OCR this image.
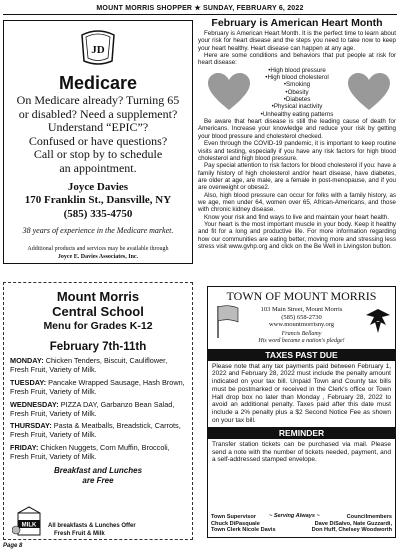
MOUNT MORRIS SHOPPER ★ SUNDAY, FEBRUARY 6, 2022
JD
Medicare
On Medicare already? Turning 65
or disabled? Need a supplement?
Understand “EPIC”?
Confused or have questions?
Call or stop by to schedule
an appointment.
Joyce Davies
170 Franklin St., Dansville, NY
(585) 335-4750
38 years of experience in the Medicare market.
Additional products and services may be available through
Joyce E. Davies Associates, Inc.
February is American Heart Month

February is American Heart Month. It is the perfect time to learn about your risk for heart disease and the steps you need to take now to keep your heart healthy. Heart disease can happen at any age.

Here are some conditions and behaviors that put people at risk for heart disease:

• High blood pressure
• High blood cholesterol
• Smoking
• Obesity
• Diabetes
• Physical inactivity
• Unhealthy eating patterns

Be aware that heart disease is still the leading cause of death for Americans. Increase your knowledge and reduce your risk by getting your blood pressure and cholesterol checked.

Even through the COVID-19 pandemic, it is important to keep routine visits and testing, especially if you have any risk factors for high blood cholesterol and high blood pressure.

Pay special attention to risk factors for blood cholesterol if you: have a family history of high cholesterol and/or heart disease, have diabetes, are older at age, are male, are a female in post-menopause, and if you are overweight or obese2.

Also, high blood pressure can occur for folks with a family history, as we age, men under 64, women over 65, African-Americans, and those with chronic kidney disease.

Know your risk and find ways to live and maintain your heart health.

Your heart is the most important muscle in your body. Keep it healthy and fit for a long and productive life. For more information regarding how our communities are eating better, moving more and stressing less stress visit www.gvhp.org and click on the Be Well in Livingston button.

Mount Morris
Central School
Menu for Grades K-12
February 7th-11th
MONDAY: Chicken Tenders, Biscuit, Cauliflower, Fresh Fruit, Variety of Milk.
TUESDAY: Pancake Wrapped Sausage, Hash Brown, Fresh Fruit, Variety of Milk.
WEDNESDAY: PIZZA DAY, Garbanzo Bean Salad, Fresh Fruit, Variety of Milk.
THURSDAY: Pasta & Meatballs, Breadstick, Carrots, Fresh Fruit, Variety of Milk.
FRIDAY: Chicken Nuggets, Corn Muffin, Broccoli, Fresh Fruit, Variety of Milk.
Breakfast and Lunches
are Free
MILK All breakfasts & Lunches Offer
Fresh Fruit & Milk
TOWN OF MOUNT MORRIS
103 Main Street, Mount Morris
(585) 658-2730
www.mountmorrisny.org
Francis Bellamy
His word became a nation's pledge!
TAXES PAST DUE
Please note that any tax payments paid between February 1, 2022 and February 28, 2022 must include the penalty amount indicated on your tax bill. Unpaid Town and County tax bills must be postmarked or received in the Clerk's office or Town Hall drop box no later than Monday , February 28, 2022 to avoid an additional penalty. Taxes paid after this date must include a 2% penalty plus a $2 Second Notice Fee as shown on your tax bill.
REMINDER
Transfer station tickets can be purchased via mail. Please send a note with the number of tickets needed, payment, and a self-addressed stamped envelope.
Town Supervisor
Chuck DiPasquale
Town Clerk Nicole Davis
~ Serving Always ~	Councilmembers
Dave DiSalvo, Nate Guzzardi,
Don Huff, Chelsey Woodworth
Page 8
